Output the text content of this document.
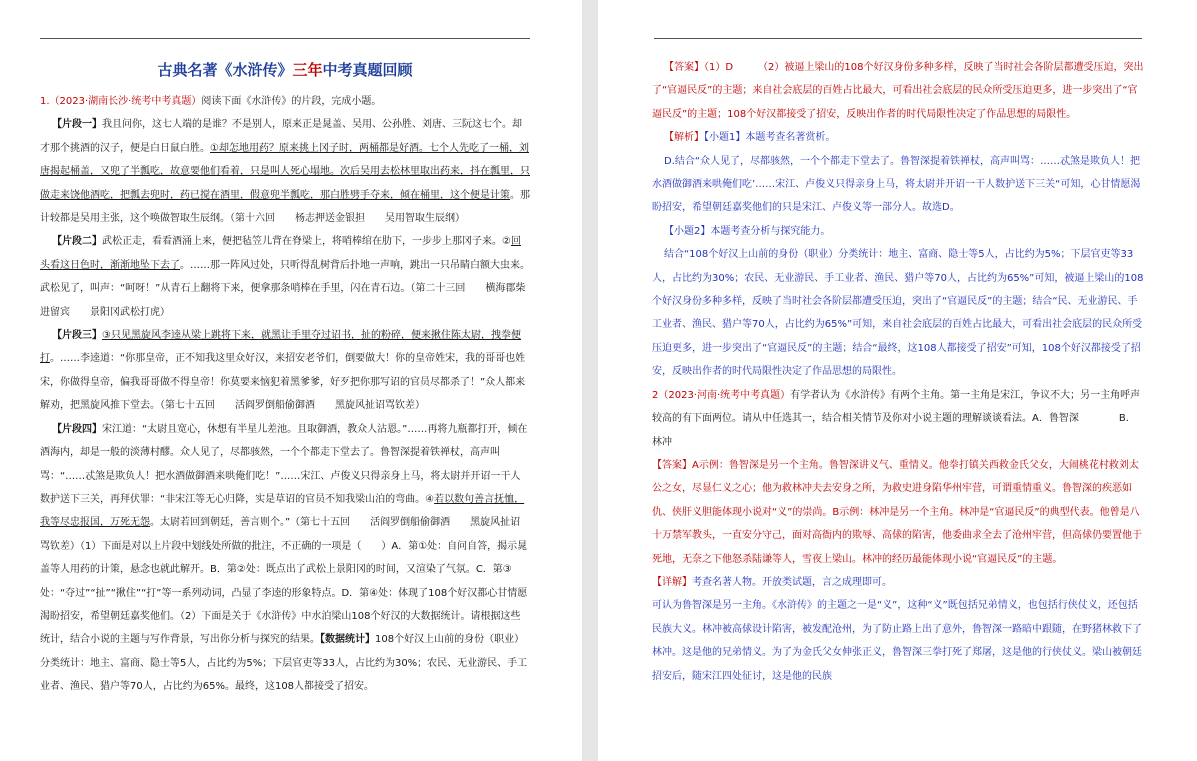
古典名著《水浒传》三年中考真题回顾

1.（2023·湖南长沙·统考中考真题）阅读下面《水浒传》的片段，完成小题。

【片段一】我且问你，这七人端的是谁？不是别人，原来正是晁盖、吴用、公孙胜、刘唐、三阮这七个。却才那个挑酒的汉子，便是白日鼠白胜。①却怎地用药？原来挑上冈子时，两桶都是好酒。七个人先吃了一桶，刘唐揭起桶盖，又兜了半瓢吃，故意要他们看着，只是叫人死心塌地。次后吴用去松林里取出药来，抖在瓢里，只做走来饶他酒吃，把瓢去兜时，药已搅在酒里，假意兜半瓢吃，那白胜劈手夺来，倾在桶里，这个便是计策。那计较都是吴用主张，这个唤做智取生辰纲。（第十六回　　杨志押送金银担　　吴用智取生辰纲）

【片段二】武松正走，看看酒涌上来，便把毡笠儿背在脊梁上，将哨棒绾在肋下，一步步上那冈子来。②回头看这日色时，渐渐地坠下去了。……那一阵风过处，只听得乱树背后扑地一声响，跳出一只吊睛白额大虫来。武松见了，叫声：“呵呀！”从青石上翻将下来，便拿那条哨棒在手里，闪在青石边。（第二十三回　　横海郡柴进留宾　　景阳冈武松打虎）

【片段三】③只见黑旋风李逵从梁上跳将下来，就黑让手里夺过诏书，扯的粉碎，便来揪住陈太尉，拽拳便打。……李逵道：“你那皇帝，正不知我这里众好汉，来招安老爷们，倒要做大！你的皇帝姓宋，我的哥哥也姓宋，你做得皇帝，偏我哥哥做不得皇帝！你莫要来恼犯着黑爹爹，好歹把你那写诏的官员尽都杀了！”众人都来解劝，把黑旋风推下堂去。（第七十五回　　活阎罗倒船偷御酒　　黑旋风扯诏骂钦差）

【片段四】宋江道：“太尉且宽心，休想有半星儿差池。且取御酒，教众人沾恩。”……再将九瓶都打开，倾在酒海内，却是一般的淡薄村醪。众人见了，尽都骇然，一个个都走下堂去了。鲁智深提着铁禅杖，高声叫骂：“……忒煞是欺负人！把水酒做御酒来哄俺们吃！”……宋江、卢俊义只得亲身上马，将太尉并开诏一干人数护送下三关，再拜伏罪：“非宋江等无心归降，实是草诏的官员不知我梁山泊的弯曲。④若以数句善言抚恤，我等尽忠报国，万死无怨。太尉若回到朝廷，善言则个。”（第七十五回　　活阎罗倒船偷御酒　　黑旋风扯诏骂钦差）（1）下面是对以上片段中划线处所做的批注，不正确的一项是（　　）A．第①处：自问自答，揭示晁盖等人用药的计策，悬念也就此解开。B．第②处：既点出了武松上景阳冈的时间，又渲染了气氛。C．第③处：“夺过”“扯”“揪住”“打”等一系列动词，凸显了李逵的形象特点。D．第④处：体现了108个好汉都心甘情愿渴盼招安，希望朝廷嘉奖他们。（2）下面是关于《水浒传》中水泊梁山108个好汉的大数据统计。请根据这些统计，结合小说的主题与写作背景，写出你分析与探究的结果。【数据统计】108个好汉上山前的身份（职业）分类统计：地主、富商、隐士等5人，占比约为5%；下层官吏等33人，占比约为30%；农民、无业游民、手工业者、渔民、猎户等70人，占比约为65%。最终，这108人都接受了招安。

【答案】（1）D　　　（2）被逼上梁山的108个好汉身份多种多样，反映了当时社会各阶层都遭受压迫，突出了“官逼民反”的主题；来自社会底层的百姓占比最大，可看出社会底层的民众所受压迫更多，进一步突出了“官逼民反”的主题；108个好汉都接受了招安，反映出作者的时代局限性决定了作品思想的局限性。

【解析】【小题1】本题考查名著赏析。

D.结合“众人见了，尽都骇然，一个个都走下堂去了。鲁智深提着铁禅杖，高声叫骂：……忒煞是欺负人！把水酒做御酒来哄俺们吃’……宋江、卢俊义只得亲身上马，将太尉并开诏一干人数护送下三关“可知，心甘情愿渴盼招安，希望朝廷嘉奖他们的只是宋江、卢俊义等一部分人。故选D。

【小题2】本题考查分析与探究能力。

结合“108个好汉上山前的身份（职业）分类统计：地主、富商、隐士等5人，占比约为5%；下层官吏等33人，占比约为30%；农民、无业游民、手工业者、渔民、猎户等70人，占比约为65%”可知，被逼上梁山的108个好汉身份多种多样，反映了当时社会各阶层都遭受压迫，突出了“官逼民反”的主题；结合“民、无业游民、手工业者、渔民、猎户等70人，占比约为65%”可知，来自社会底层的百姓占比最大，可看出社会底层的民众所受压迫更多，进一步突出了“官逼民反”的主题；结合“最终，这108人都接受了招安”可知，108个好汉都接受了招安，反映出作者的时代局限性决定了作品思想的局限性。

2（2023·河南·统考中考真题）有学者认为《水浒传》有两个主角。第一主角是宋江，争议不大；另一主角呼声较高的有下面两位。请从中任选其一，结合相关情节及你对小说主题的理解谈谈看法。A．鲁智深　　　　B．林冲

【答案】A示例：鲁智深是另一个主角。鲁智深讲义气、重情义。他拳打镇关西救金氏父女，大闹桃花村救刘太公之女，尽显仁义之心；他为救林冲夫去安身之所，为救史进身陷华州牢营，可谓重情重义。鲁智深的疾恶如仇、侠肝义胆能体现小说对“义”的崇尚。B示例：林冲是另一个主角。林冲是“官逼民反”的典型代表。他曾是八十万禁军教头，一直安分守己，面对高衙内的欺辱、高俅的陷害，他委曲求全去了沧州牢营，但高俅仍要置他于死地，无奈之下他怒杀陆谦等人，雪夜上梁山。林冲的经历最能体现小说“官逼民反”的主题。

【详解】考查名著人物。开放类试题，言之成理即可。

可认为鲁智深是另一主角。《水浒传》的主题之一是“义”，这种“义”既包括兄弟情义，也包括行侠仗义，还包括民族大义。林冲被高俅设计陷害，被发配沧州，为了防止路上出了意外，鲁智深一路暗中跟随，在野猪林救下了林冲。这是他的兄弟情义。为了为金氏父女伸张正义，鲁智深三拳打死了郑屠，这是他的行侠仗义。梁山被朝廷招安后，随宋江四处征讨，这是他的民族
